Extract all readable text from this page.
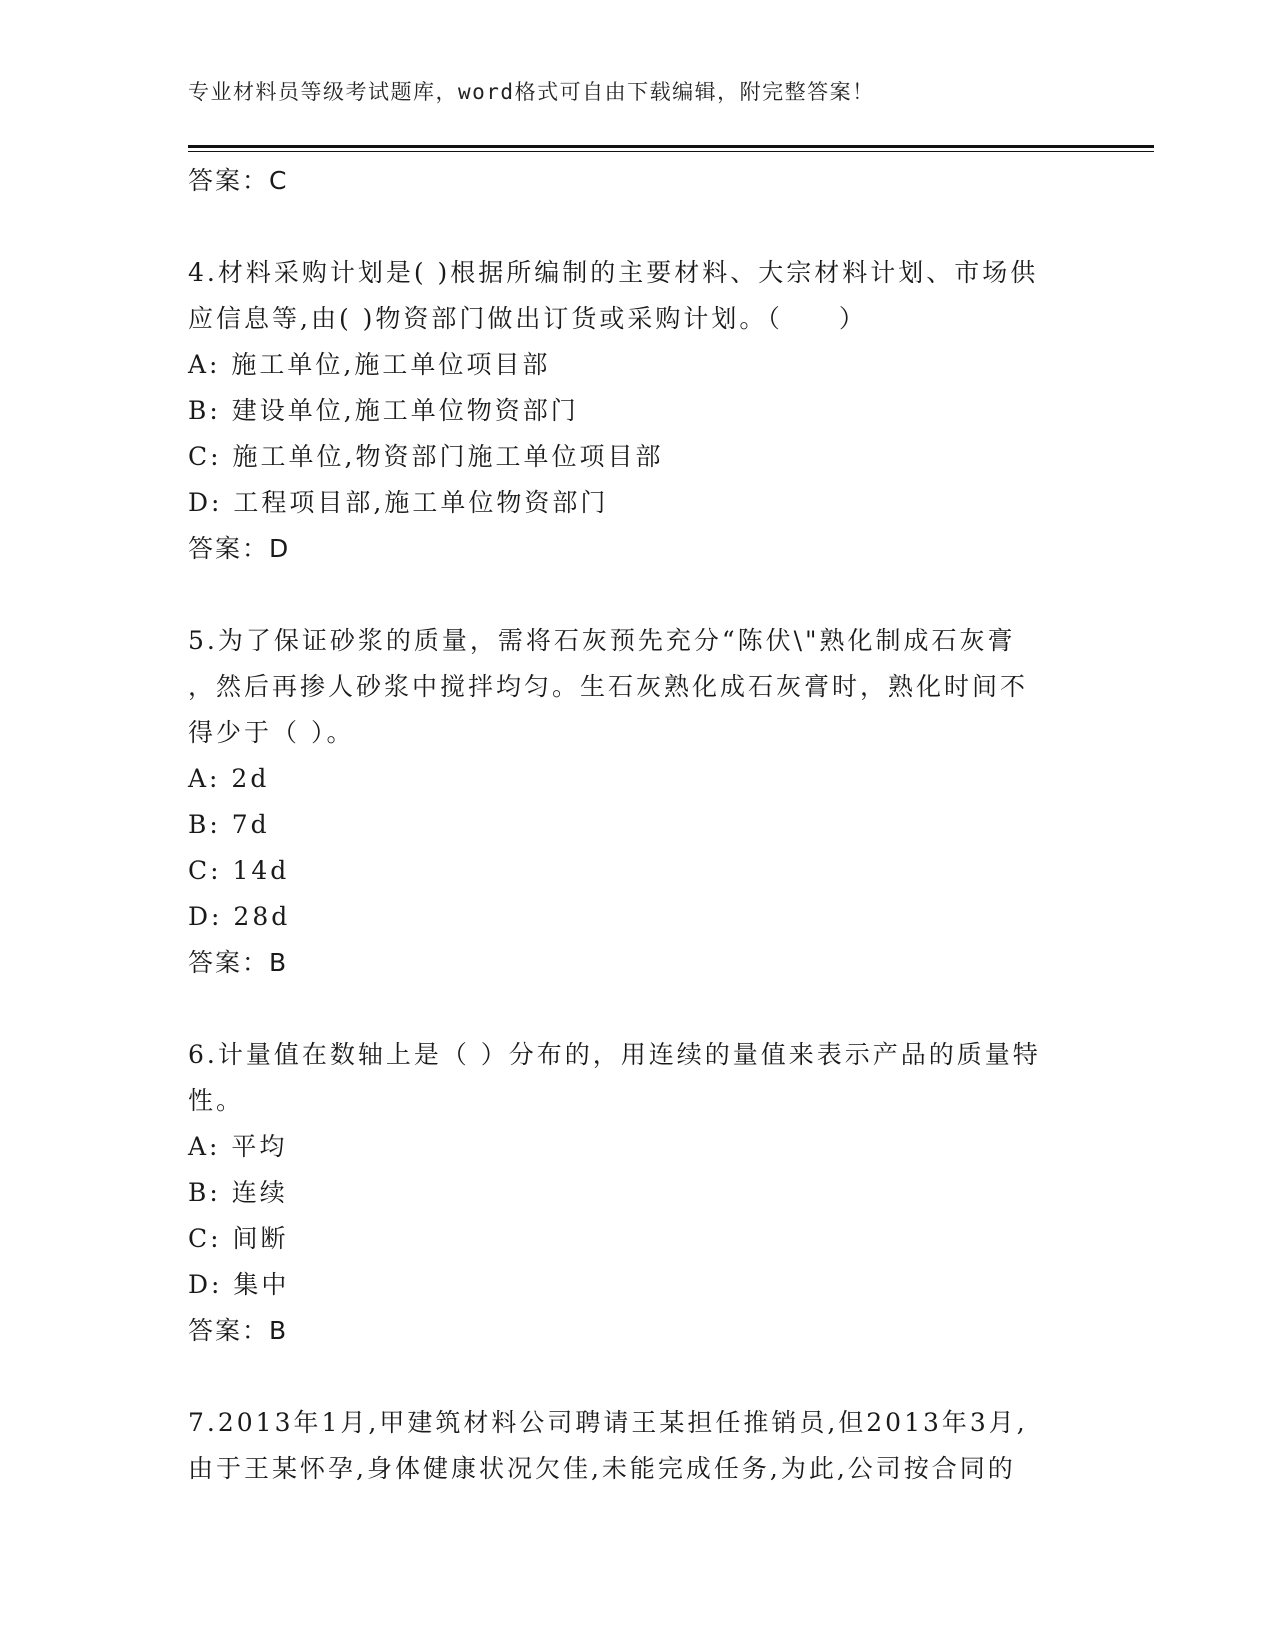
专业材料员等级考试题库，word格式可自由下载编辑，附完整答案！
答案：C
4.材料采购计划是( )根据所编制的主要材料、大宗材料计划、市场供
应信息等,由( )物资部门做出订货或采购计划。（　　）
A: 施工单位,施工单位项目部
B: 建设单位,施工单位物资部门
C: 施工单位,物资部门施工单位项目部
D: 工程项目部,施工单位物资部门
答案：D
5.为了保证砂浆的质量，需将石灰预先充分“陈伏\"熟化制成石灰膏
，然后再掺人砂浆中搅拌均匀。生石灰熟化成石灰膏时，熟化时间不
得少于（ ）。
A: 2d
B: 7d
C: 14d
D: 28d
答案：B
6.计量值在数轴上是（ ）分布的，用连续的量值来表示产品的质量特
性。
A: 平均
B: 连续
C: 间断
D: 集中
答案：B
7.2013年1月,甲建筑材料公司聘请王某担任推销员,但2013年3月,
由于王某怀孕,身体健康状况欠佳,未能完成任务,为此,公司按合同的
